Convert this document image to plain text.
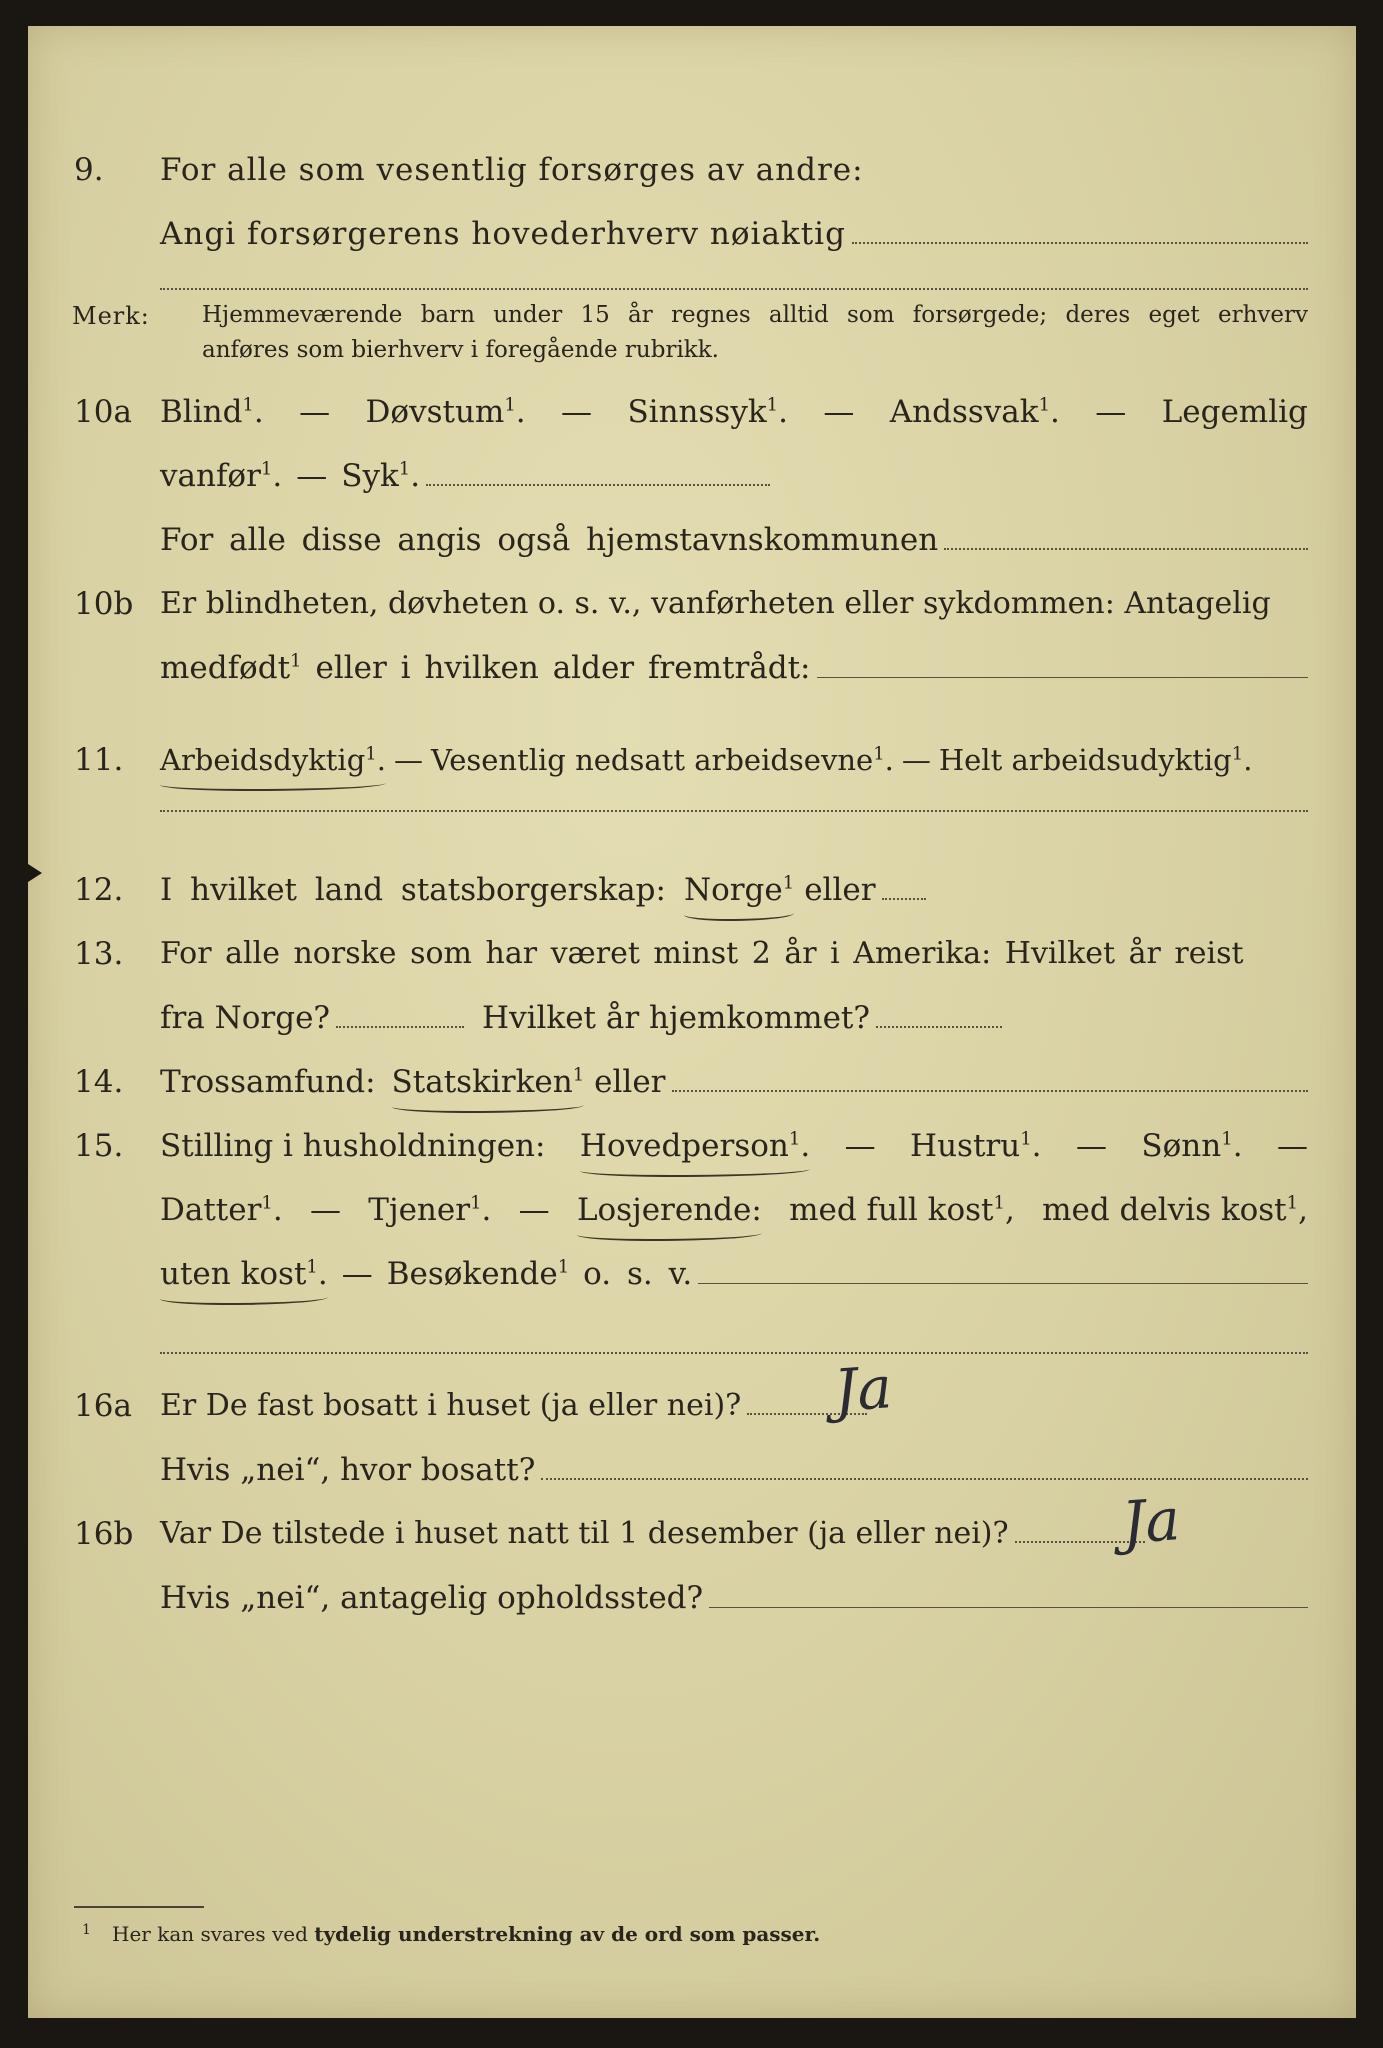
9. For alle som vesentlig forsørges av andre:
Angi forsørgerens hovederhverv nøiaktig
Merk: Hjemmeværende barn under 15 år regnes alltid som forsørgede; deres eget erhverv
anføres som bierhverv i foregående rubrikk.
10a Blind$^1$. — Døvstum$^1$. — Sinnssyk$^1$. — Andssvak$^1$. — Legemlig
vanfør$^1$. — Syk$^1$.
For alle disse angis også hjemstavnskommunen
10b Er blindheten, døvheten o. s. v., vanførheten eller sykdommen: Antagelig
medfødt$^1$ eller i hvilken alder fremtrådt:
11. Arbeidsdyktig$^1$. — Vesentlig nedsatt arbeidsevne$^1$. — Helt arbeidsudyktig$^1$.
12. I hvilket land statsborgerskap: Norge$^1$ eller
13. For alle norske som har været minst 2 år i Amerika: Hvilket år reist
fra Norge?	Hvilket år hjemkommet?
14. Trossamfund: Statskirken$^1$ eller
15. Stilling i husholdningen: Hovedperson$^1$. — Hustru$^1$. — Sønn$^1$. —
Datter$^1$. — Tjener$^1$. — Losjerende: med full kost$^1$, med delvis kost$^1$,
uten kost$^1$. — Besøkende$^1$ o. s. v.
16a Er De fast bosatt i huset (ja eller nei)? Ja
Hvis „nei“, hvor bosatt?
16b Var De tilstede i huset natt til 1 desember (ja eller nei)? Ja
Hvis „nei“, antagelig opholdssted?
1 Her kan svares ved tydelig understrekning av de ord som passer.
